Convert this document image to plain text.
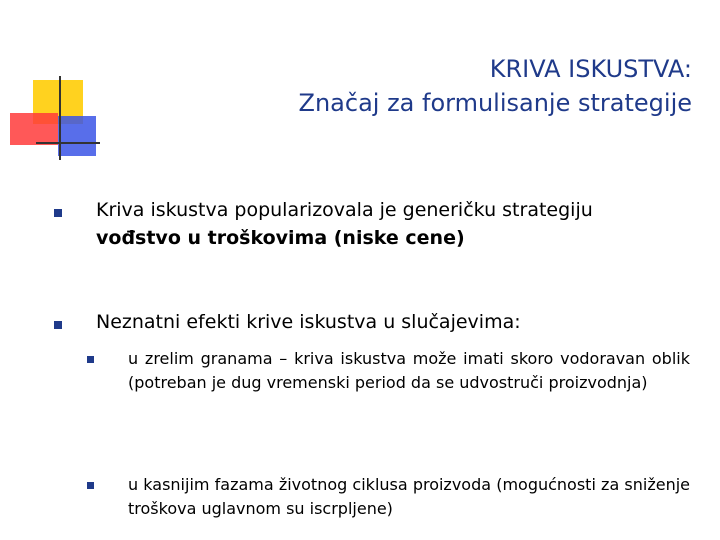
KRIVA ISKUSTVA:
Značaj za formulisanje strategije
Kriva iskustva popularizovala je generičku strategiju
vođstvo u troškovima (niske cene)
Neznatni efekti krive iskustva u slučajevima:
u zrelim granama – kriva iskustva može imati skoro vodoravan oblik (potreban je dug vremenski period da se udvostruči proizvodnja)
u kasnijim fazama životnog ciklusa proizvoda (mogućnosti za sniženje troškova uglavnom su iscrpljene)
